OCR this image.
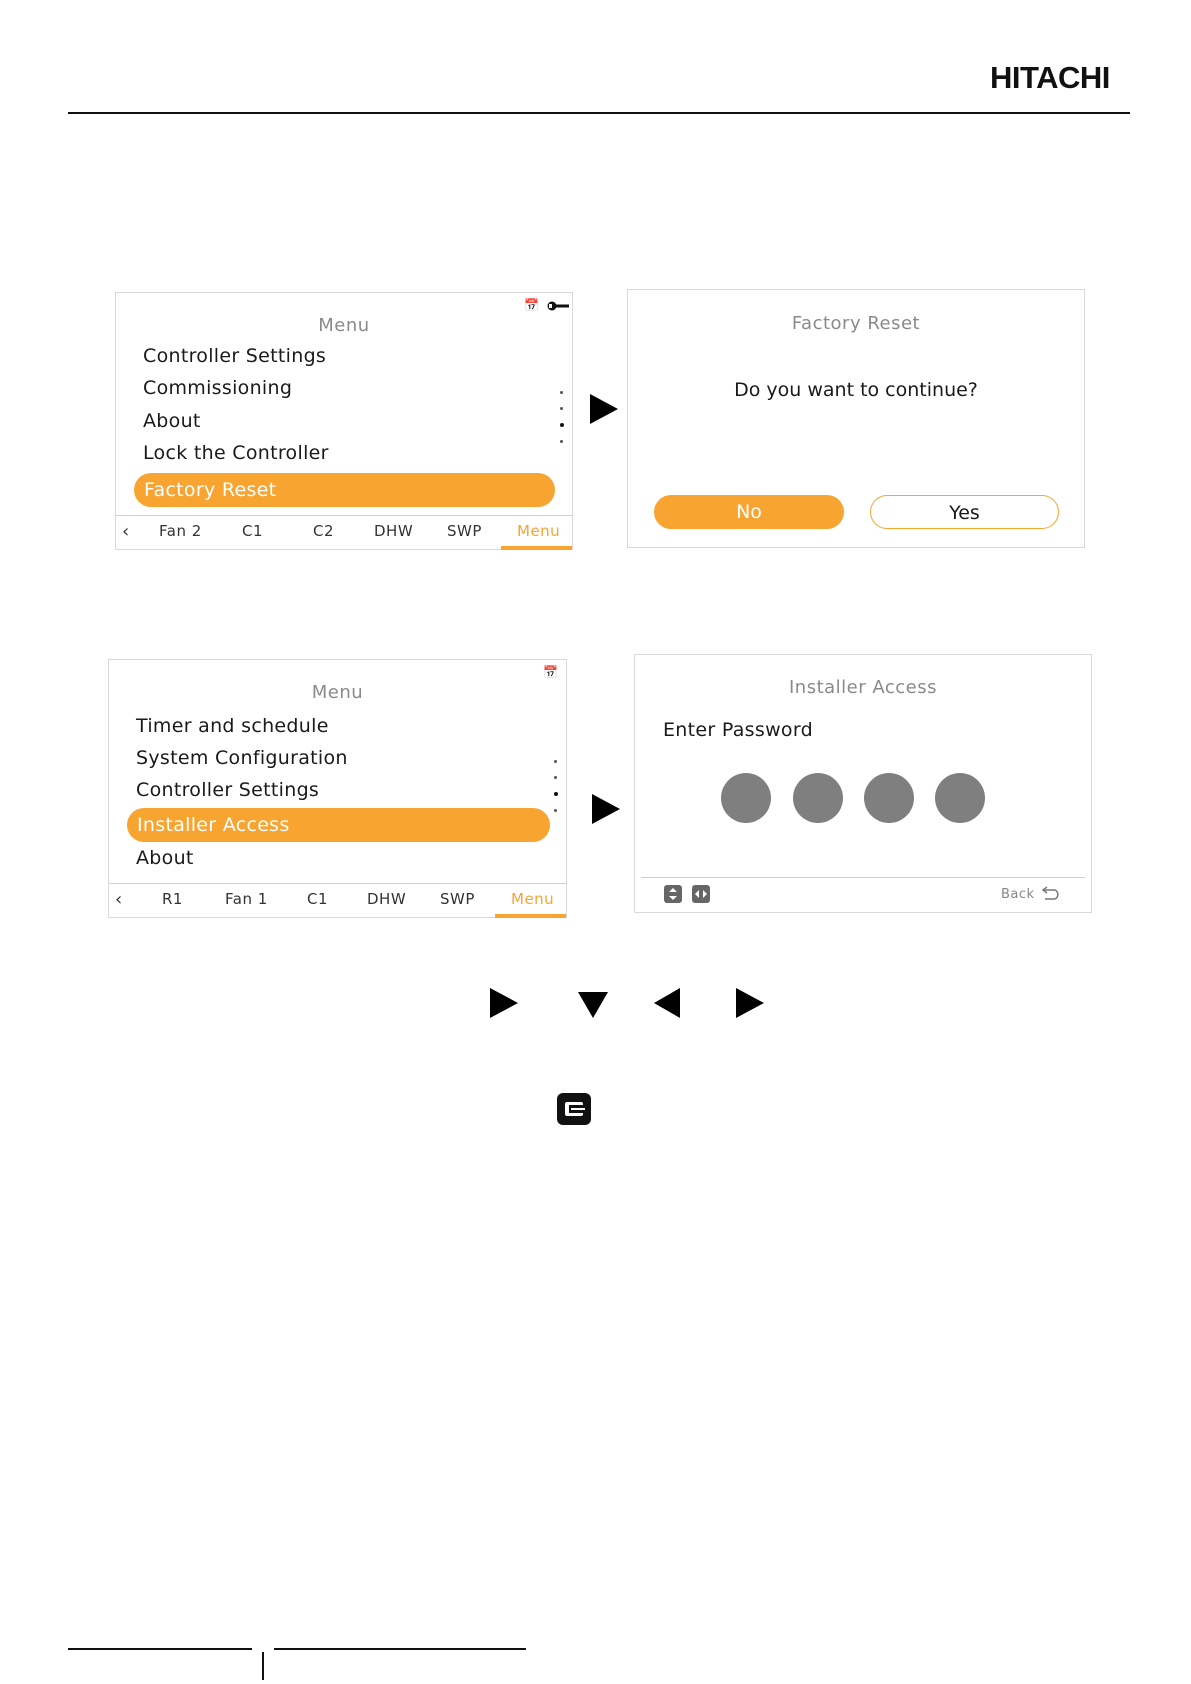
HITACHI
📅
Menu
Controller Settings
Commissioning
About
Lock the Controller
Factory Reset
‹ Fan 2	C1	C2	DHW SWP Menu
Factory Reset
Do you want to continue?
No	Yes
📅
Menu
Timer and schedule
System Configuration
Controller Settings
Installer Access
About
‹	R1	Fan 1	C1	DHW SWP Menu
Installer Access
Enter Password
Back
